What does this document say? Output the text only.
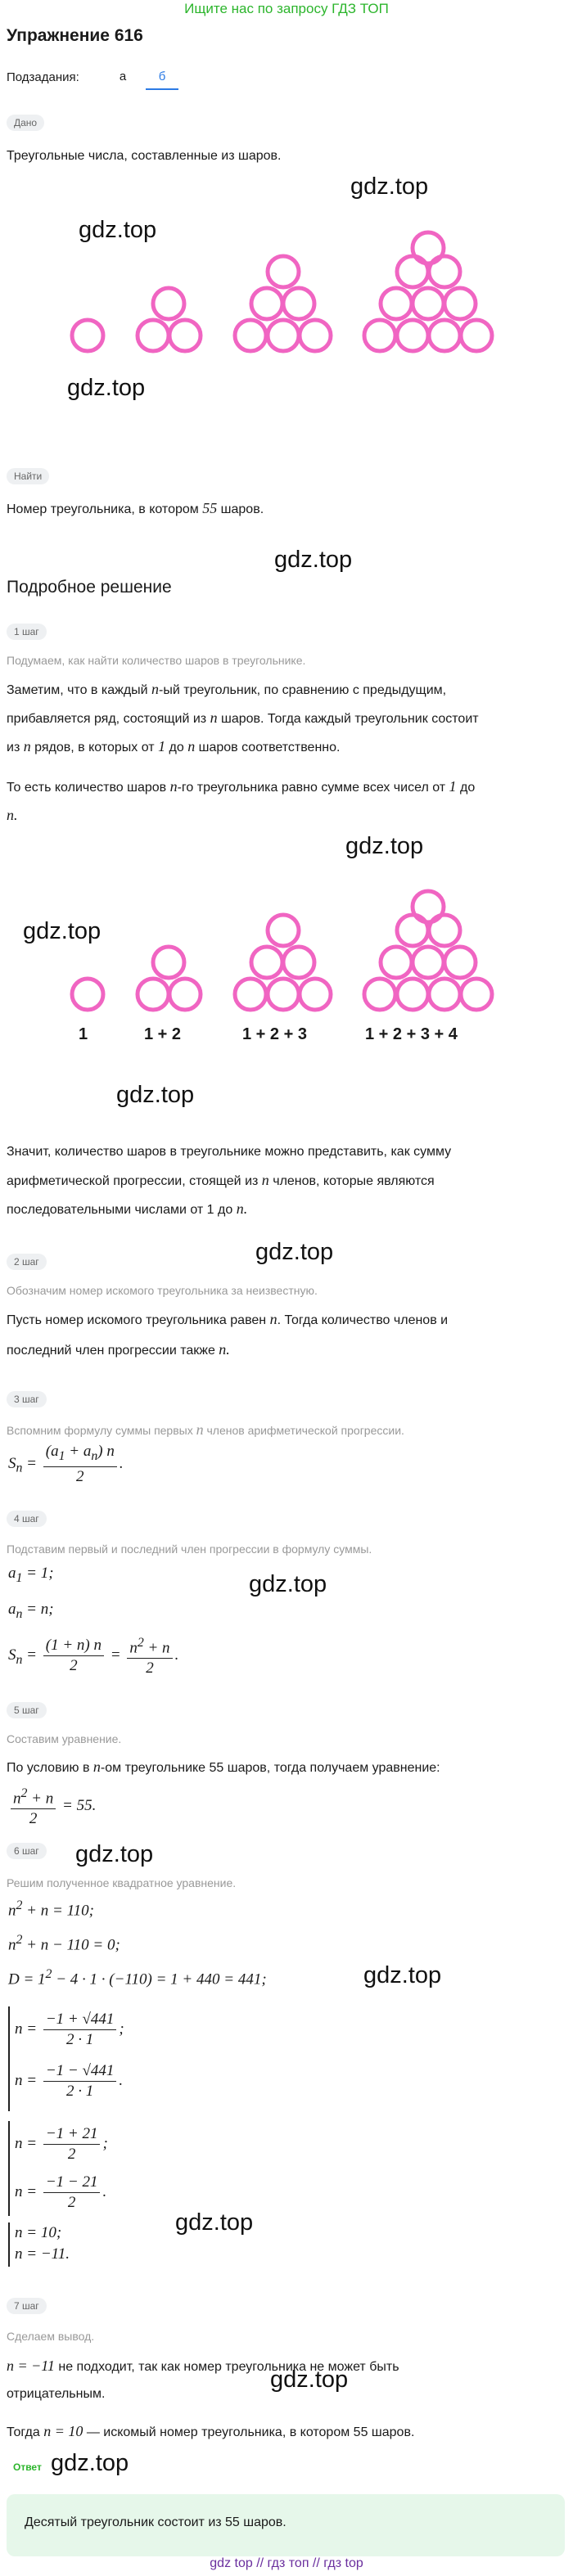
Ищите нас по запросу ГДЗ ТОП
Упражнение 616
Подзадания:	а	б
Дано
Треугольные числа, составленные из шаров.
gdz.top
gdz.top
gdz.top
Найти
Номер треугольника, в котором 55 шаров.
gdz.top
Подробное решение
1 шаг
Подумаем, как найти количество шаров в треугольнике.
Заметим, что в каждый n-ый треугольник, по сравнению с предыдущим,
прибавляется ряд, состоящий из n шаров. Тогда каждый треугольник состоит
из n рядов, в которых от 1 до n шаров соответственно.
То есть количество шаров n-го треугольника равно сумме всех чисел от 1 до
n.
gdz.top
gdz.top
1	1 + 2	1 + 2 + 3	1 + 2 + 3 + 4
gdz.top
Значит, количество шаров в треугольнике можно представить, как сумму
арифметической прогрессии, стоящей из n членов, которые являются
последовательными числами от 1 до n.
gdz.top
2 шаг
Обозначим номер искомого треугольника за неизвестную.
Пусть номер искомого треугольника равен n. Тогда количество членов и
последний член прогрессии также n.
3 шаг
Вспомним формулу суммы первых n членов арифметической прогрессии.
$S_n = \frac{(a_1 + a_n) n}{2}$ .
4 шаг
Подставим первый и последний член прогрессии в формулу суммы.
$a_1 = 1$;	gdz.top
$a_n = n$;
$S_n = \frac{(1 + n) n}{2} = \frac{n^2 + n}{2}$ .
5 шаг
Составим уравнение.
По условию в n-ом треугольнике 55 шаров, тогда получаем уравнение:
$\frac{n^2 + n}{2} = 55$.
6 шаг	gdz.top
Решим полученное квадратное уравнение.
$n^2 + n = 110$;
$n^2 + n - 110 = 0$;
$D = 1^2 - 4 \cdot 1 \cdot (-110) = 1 + 440 = 441$;	gdz.top
$n = \frac{-1 + √441}{2 \cdot 1}$ ;
$n = \frac{-1 - √441}{2 \cdot 1}$ .
$n = \frac{-1 + 21}{2}$ ;
$n = \frac{-1 - 21}{2}$ .
n = 10;
n = −11.
gdz.top
7 шаг
Сделаем вывод.
n = −11 не подходит, так как номер треугольника не может быть
отрицательным.
gdz.top
Тогда n = 10 — искомый номер треугольника, в котором 55 шаров.
Ответ gdz.top
Десятый треугольник состоит из 55 шаров.
gdz top // гдз топ // гдз top
